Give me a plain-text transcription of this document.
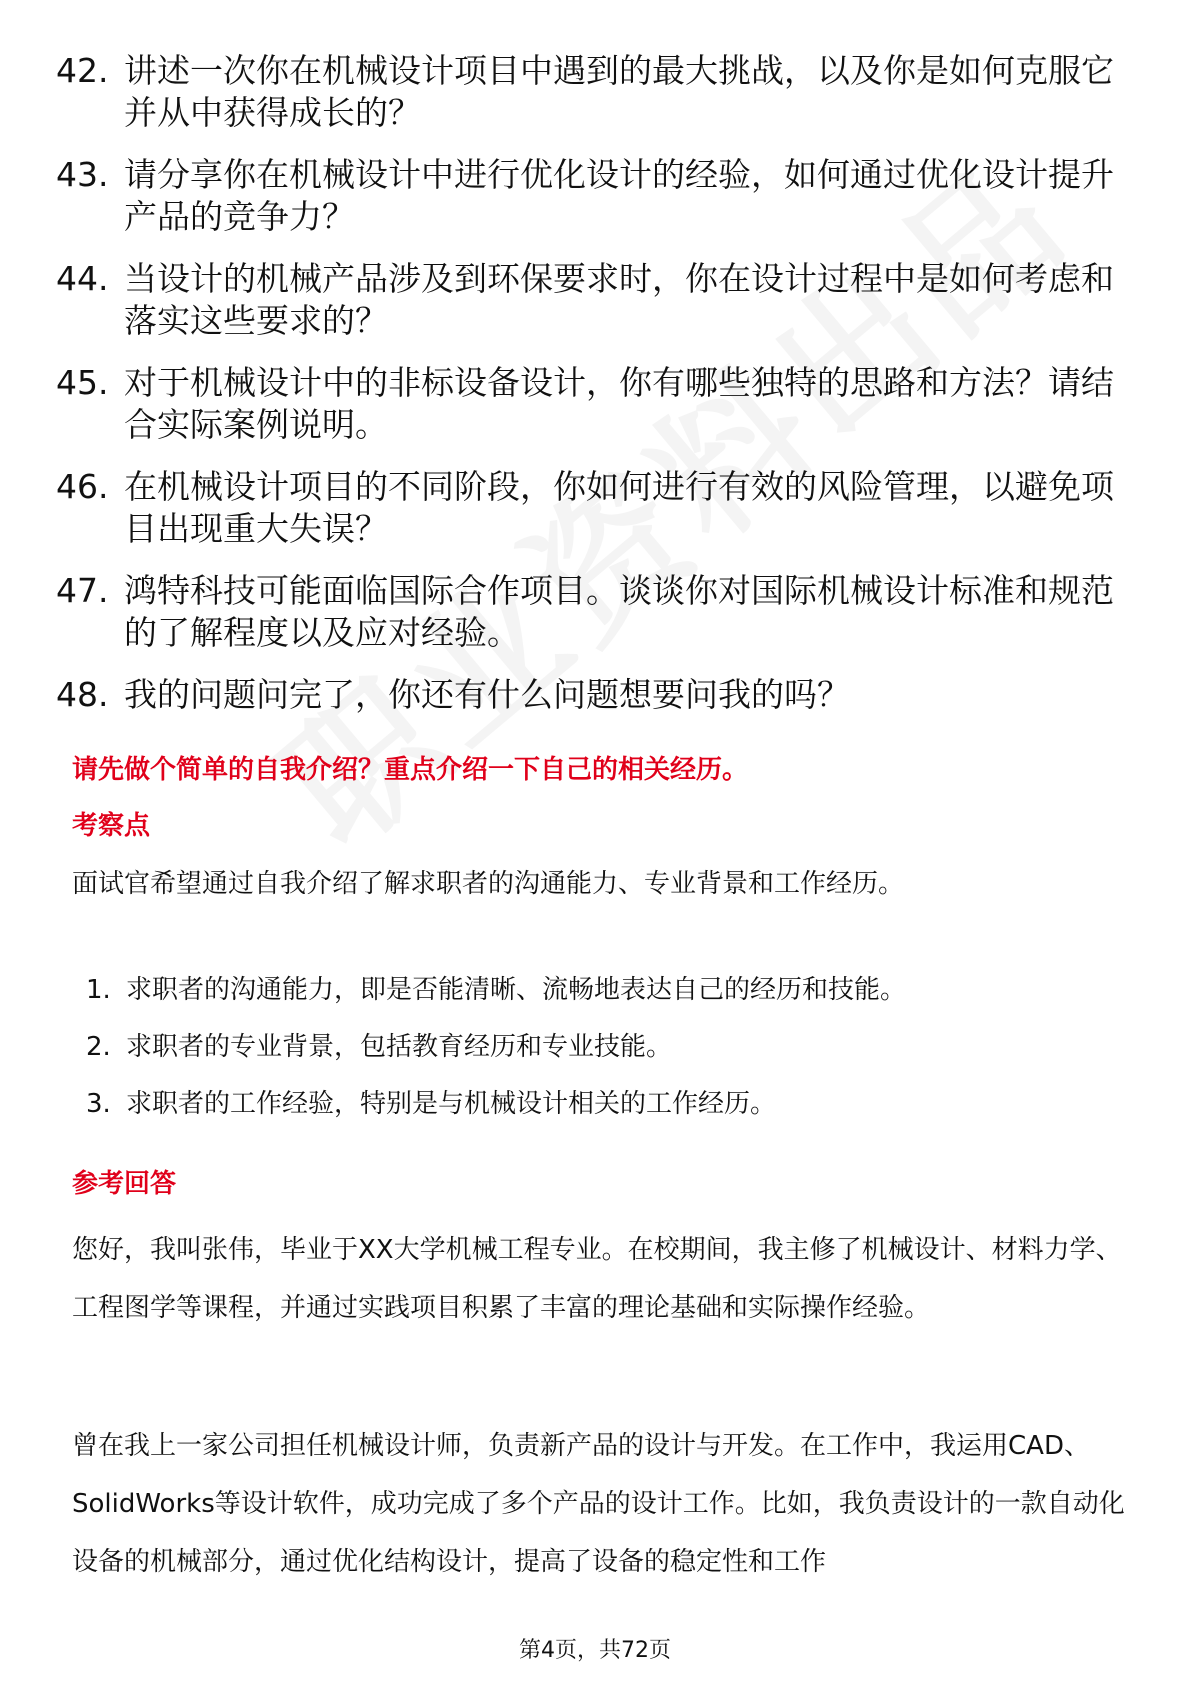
42. 讲述一次你在机械设计项目中遇到的最大挑战，以及你是如何克服它并从中获得成长的？
43. 请分享你在机械设计中进行优化设计的经验，如何通过优化设计提升产品的竞争力？
44. 当设计的机械产品涉及到环保要求时，你在设计过程中是如何考虑和落实这些要求的？
45. 对于机械设计中的非标设备设计，你有哪些独特的思路和方法？请结合实际案例说明。
46. 在机械设计项目的不同阶段，你如何进行有效的风险管理，以避免项目出现重大失误？
47. 鸿特科技可能面临国际合作项目。谈谈你对国际机械设计标准和规范的了解程度以及应对经验。
48. 我的问题问完了，你还有什么问题想要问我的吗？
请先做个简单的自我介绍？重点介绍一下自己的相关经历。
考察点
面试官希望通过自我介绍了解求职者的沟通能力、专业背景和工作经历。
1. 求职者的沟通能力，即是否能清晰、流畅地表达自己的经历和技能。
2. 求职者的专业背景，包括教育经历和专业技能。
3. 求职者的工作经验，特别是与机械设计相关的工作经历。
参考回答
您好，我叫张伟，毕业于XX大学机械工程专业。在校期间，我主修了机械设计、材料力学、工程图学等课程，并通过实践项目积累了丰富的理论基础和实际操作经验。
曾在我上一家公司担任机械设计师，负责新产品的设计与开发。在工作中，我运用CAD、SolidWorks等设计软件，成功完成了多个产品的设计工作。比如，我负责设计的一款自动化设备的机械部分，通过优化结构设计，提高了设备的稳定性和工作
第4页，共72页
